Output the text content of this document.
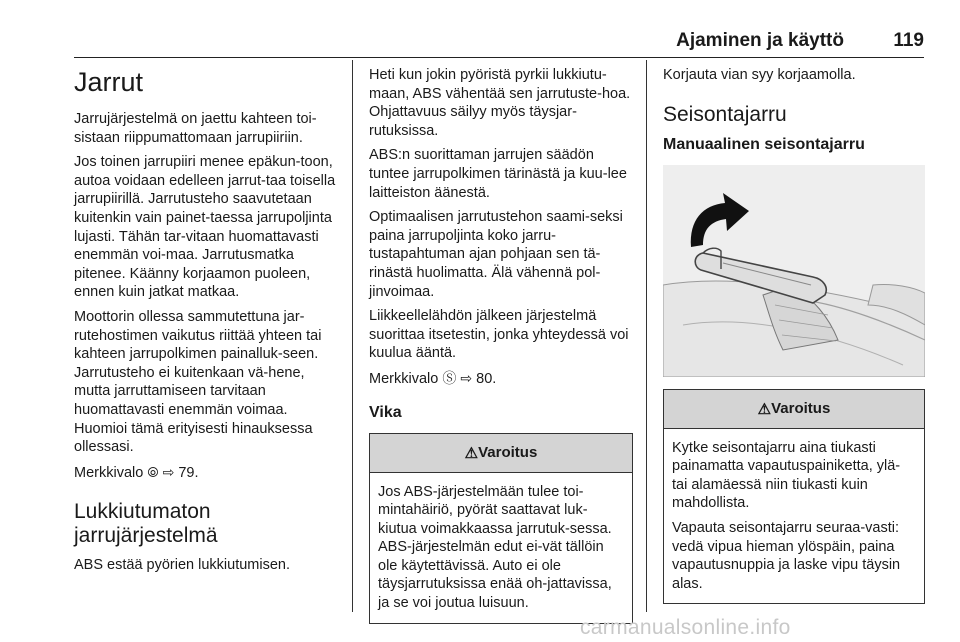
Ajaminen ja käyttö	119
Jarrut

Jarrujärjestelmä on jaettu kahteen toi-sistaan riippumattomaan jarrupiiriin.

Jos toinen jarrupiiri menee epäkun-toon, autoa voidaan edelleen jarrut-taa toisella jarrupiirillä. Jarrutusteho saavutetaan kuitenkin vain painet-taessa jarrupoljinta lujasti. Tähän tar-vitaan huomattavasti enemmän voi-maa. Jarrutusmatka pitenee. Käänny korjaamon puoleen, ennen kuin jatkat matkaa.

Moottorin ollessa sammutettuna jar-rutehostimen vaikutus riittää yhteen tai kahteen jarrupolkimen painalluk-seen. Jarrutusteho ei kuitenkaan vä-hene, mutta jarruttamiseen tarvitaan huomattavasti enemmän voimaa. Huomioi tämä erityisesti hinauksessa ollessasi.

Merkkivalo ⦾ ⇨ 79.

Lukkiutumaton jarrujärjestelmä

ABS estää pyörien lukkiutumisen.

Heti kun jokin pyöristä pyrkii lukkiutu-maan, ABS vähentää sen jarrutuste-hoa. Ohjattavuus säilyy myös täysjar-rutuksissa.

ABS:n suorittaman jarrujen säädön tuntee jarrupolkimen tärinästä ja kuu-lee laitteiston äänestä.

Optimaalisen jarrutustehon saami-seksi paina jarrupoljinta koko jarru-tustapahtuman ajan pohjaan sen tä-rinästä huolimatta. Älä vähennä pol-jinvoimaa.

Liikkeellelähdön jälkeen järjestelmä suorittaa itsetestin, jonka yhteydessä voi kuulua ääntä.

Merkkivalo Ⓢ ⇨ 80.

Vika
⚠ Varoitus

Jos ABS-järjestelmään tulee toi-mintahäiriö, pyörät saattavat luk-kiutua voimakkaassa jarrutuk-sessa. ABS-järjestelmän edut ei-vät tällöin ole käytettävissä. Auto ei ole täysjarrutuksissa enää oh-jattavissa, ja se voi joutua luisuun.

Korjauta vian syy korjaamolla.

Seisontajarru
Manuaalinen seisontajarru
⚠ Varoitus

Kytke seisontajarru aina tiukasti painamatta vapautuspainiketta, ylä- tai alamäessä niin tiukasti kuin mahdollista.

Vapauta seisontajarru seuraa-vasti: vedä vipua hieman ylöspäin, paina vapautusnuppia ja laske vipu täysin alas.

carmanualsonline.info
